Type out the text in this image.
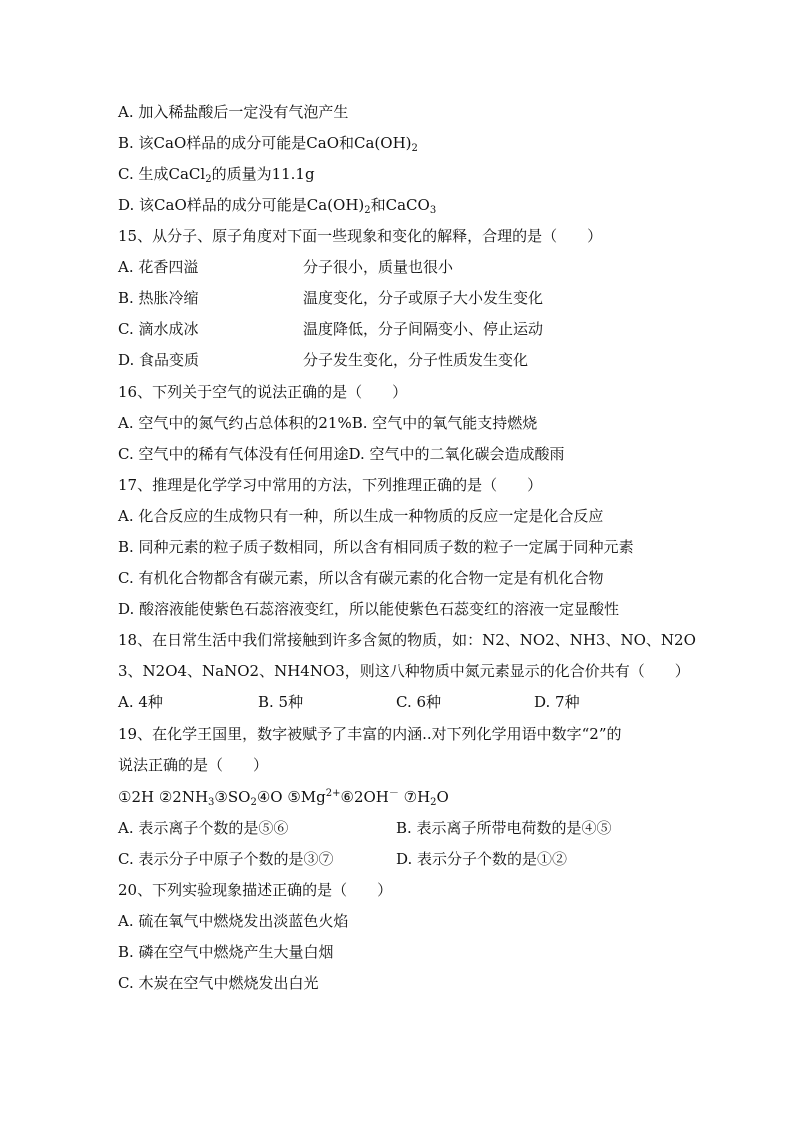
A. 加入稀盐酸后一定没有气泡产生
B. 该CaO样品的成分可能是CaO和$Ca(OH)_2$
C. 生成CaCl$_2$的质量为11.1g
D. 该CaO样品的成分可能是$Ca(OH)_2$和CaCO$_3$
15、从分子、原子角度对下面一些现象和变化的解释，合理的是（　　）
A. 花香四溢	分子很小，质量也很小
B. 热胀冷缩	温度变化，分子或原子大小发生变化
C. 滴水成冰	温度降低，分子间隔变小、停止运动
D. 食品变质	分子发生变化，分子性质发生变化
16、下列关于空气的说法正确的是（　　）
A. 空气中的氮气约占总体积的21%B. 空气中的氧气能支持燃烧
C. 空气中的稀有气体没有任何用途D. 空气中的二氧化碳会造成酸雨
17、推理是化学学习中常用的方法，下列推理正确的是（　　）
A. 化合反应的生成物只有一种，所以生成一种物质的反应一定是化合反应
B. 同种元素的粒子质子数相同，所以含有相同质子数的粒子一定属于同种元素
C. 有机化合物都含有碳元素，所以含有碳元素的化合物一定是有机化合物
D. 酸溶液能使紫色石蕊溶液变红，所以能使紫色石蕊变红的溶液一定显酸性
18、在日常生活中我们常接触到许多含氮的物质，如：N2、NO2、NH3、NO、N2O
3、N2O4、NaNO2、NH4NO3，则这八种物质中氮元素显示的化合价共有（　　）
A. 4种	B. 5种	C. 6种	D. 7种
19、在化学王国里，数字被赋予了丰富的内涵..对下列化学用语中数字“2”的
说法正确的是（　　）
①2H $②2NH_3③SO_2④O$ $⑤Mg^{2+}⑥2OH^-$ $⑦H_2O$
A. 表示离子个数的是⑤⑥	B. 表示离子所带电荷数的是④⑤
C. 表示分子中原子个数的是③⑦	D. 表示分子个数的是①②
20、下列实验现象描述正确的是（　　）
A. 硫在氧气中燃烧发出淡蓝色火焰
B. 磷在空气中燃烧产生大量白烟
C. 木炭在空气中燃烧发出白光
